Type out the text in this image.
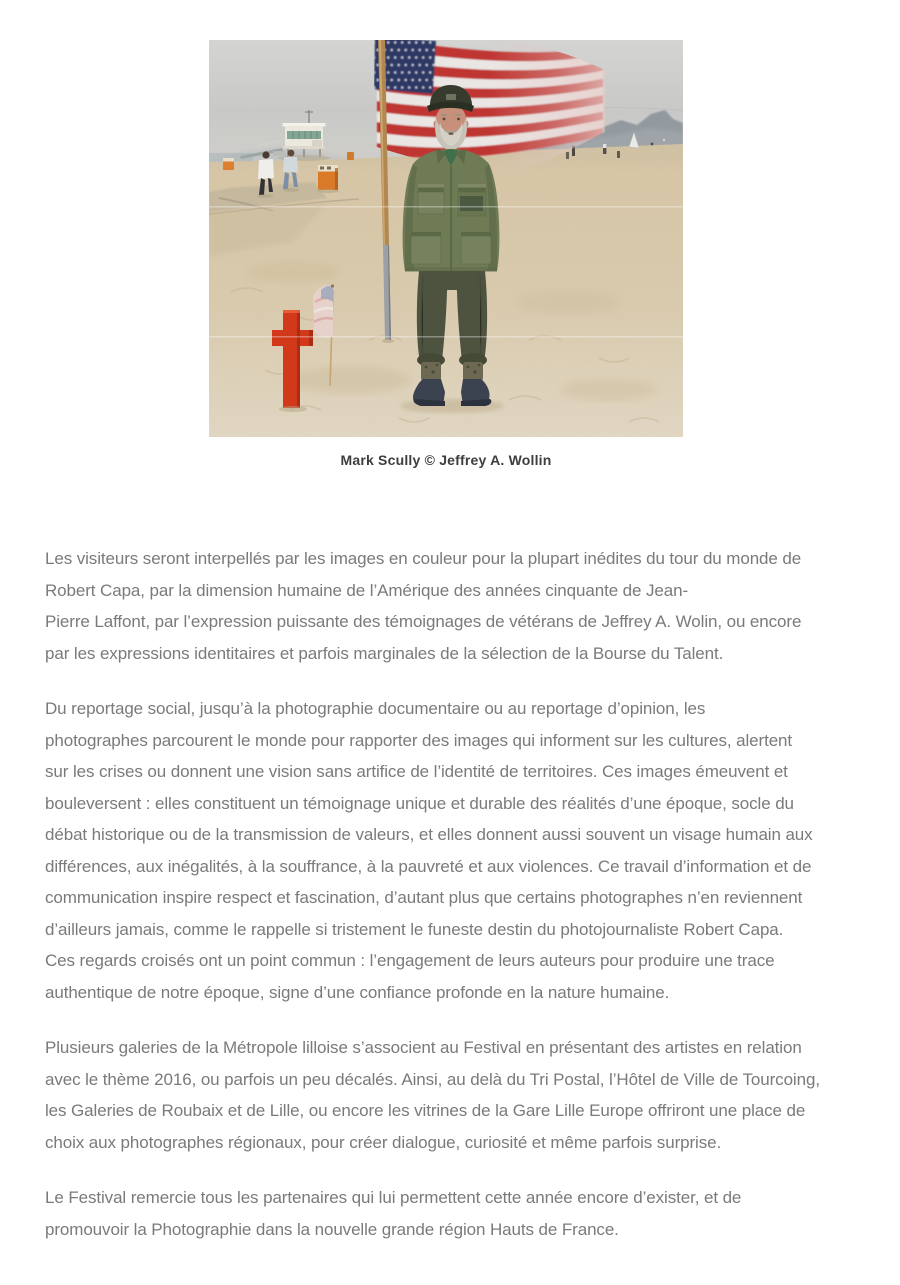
Mark Scully © Jeffrey A. Wollin

Les visiteurs seront interpellés par les images en couleur pour la plupart inédites du tour du monde de
Robert Capa, par la dimension humaine de l’Amérique des années cinquante de Jean-
Pierre Laffont, par l’expression puissante des témoignages de vétérans de Jeffrey A. Wolin, ou encore
par les expressions identitaires et parfois marginales de la sélection de la Bourse du Talent.

Du reportage social, jusqu’à la photographie documentaire ou au reportage d’opinion, les
photographes parcourent le monde pour rapporter des images qui informent sur les cultures, alertent
sur les crises ou donnent une vision sans artifice de l’identité de territoires. Ces images émeuvent et
bouleversent : elles constituent un témoignage unique et durable des réalités d’une époque, socle du
débat historique ou de la transmission de valeurs, et elles donnent aussi souvent un visage humain aux
différences, aux inégalités, à la souffrance, à la pauvreté et aux violences. Ce travail d’information et de
communication inspire respect et fascination, d’autant plus que certains photographes n’en reviennent
d’ailleurs jamais, comme le rappelle si tristement le funeste destin du photojournaliste Robert Capa.
Ces regards croisés ont un point commun : l’engagement de leurs auteurs pour produire une trace
authentique de notre époque, signe d’une confiance profonde en la nature humaine.

Plusieurs galeries de la Métropole lilloise s’associent au Festival en présentant des artistes en relation
avec le thème 2016, ou parfois un peu décalés. Ainsi, au delà du Tri Postal, l’Hôtel de Ville de Tourcoing,
les Galeries de Roubaix et de Lille, ou encore les vitrines de la Gare Lille Europe offriront une place de
choix aux photographes régionaux, pour créer dialogue, curiosité et même parfois surprise.

Le Festival remercie tous les partenaires qui lui permettent cette année encore d’exister, et de
promouvoir la Photographie dans la nouvelle grande région Hauts de France.
